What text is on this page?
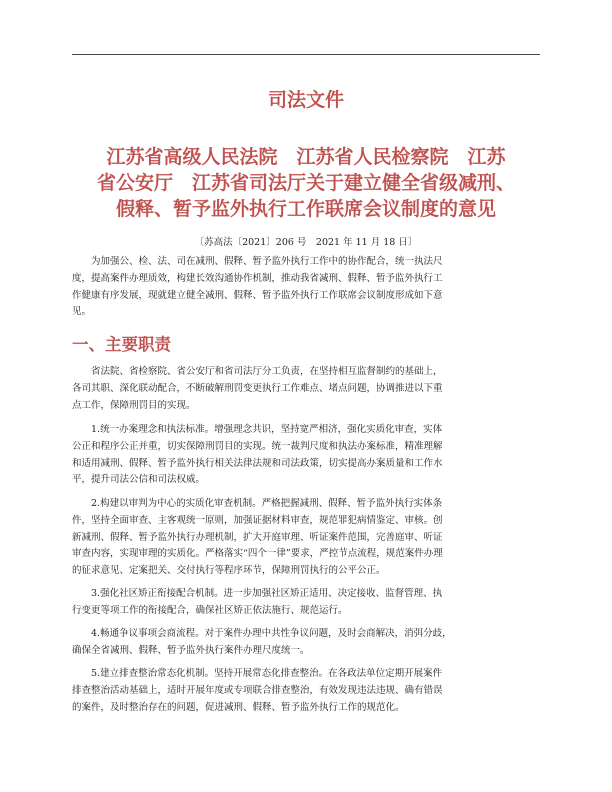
司法文件
江苏省高级人民法院　江苏省人民检察院　江苏
省公安厅　江苏省司法厅关于建立健全省级减刑、
假释、暂予监外执行工作联席会议制度的意见
〔苏高法〔2021〕206 号　2021 年 11 月 18 日〕

为加强公、检、法、司在减刑、假释、暂予监外执行工作中的协作配合，统一执法尺
度，提高案件办理质效，构建长效沟通协作机制，推动我省减刑、假释、暂予监外执行工
作健康有序发展，现就建立健全减刑、假释、暂予监外执行工作联席会议制度形成如下意
见。

一、主要职责

省法院、省检察院、省公安厅和省司法厅分工负责，在坚持相互监督制约的基础上，
各司其职、深化联动配合，不断破解刑罚变更执行工作难点、堵点问题，协调推进以下重
点工作，保障刑罚目的实现。

1.统一办案理念和执法标准。增强理念共识，坚持宽严相济，强化实质化审查，实体
公正和程序公正并重，切实保障刑罚目的实现。统一裁判尺度和执法办案标准，精准理解
和适用减刑、假释、暂予监外执行相关法律法规和司法政策，切实提高办案质量和工作水
平，提升司法公信和司法权威。

2.构建以审判为中心的实质化审查机制。严格把握减刑、假释、暂予监外执行实体条
件，坚持全面审查、主客观统一原则，加强证据材料审查，规范罪犯病情鉴定、审核。创
新减刑、假释、暂予监外执行办理机制，扩大开庭审理、听证案件范围，完善庭审、听证
审查内容，实现审理的实质化。严格落实“四个一律”要求，严控节点流程，规范案件办理
的征求意见、定案把关、交付执行等程序环节，保障刑罚执行的公平公正。

3.强化社区矫正衔接配合机制。进一步加强社区矫正适用、决定接收、监督管理、执
行变更等项工作的衔接配合，确保社区矫正依法施行、规范运行。

4.畅通争议事项会商流程。对于案件办理中共性争议问题，及时会商解决，消弭分歧，
确保全省减刑、假释、暂予监外执行案件办理尺度统一。

5.建立排查整治常态化机制。坚持开展常态化排查整治。在各政法单位定期开展案件
排查整治活动基础上，适时开展年度或专项联合排查整治，有效发现违法违规、确有错误
的案件，及时整治存在的问题，促进减刑、假释、暂予监外执行工作的规范化。
